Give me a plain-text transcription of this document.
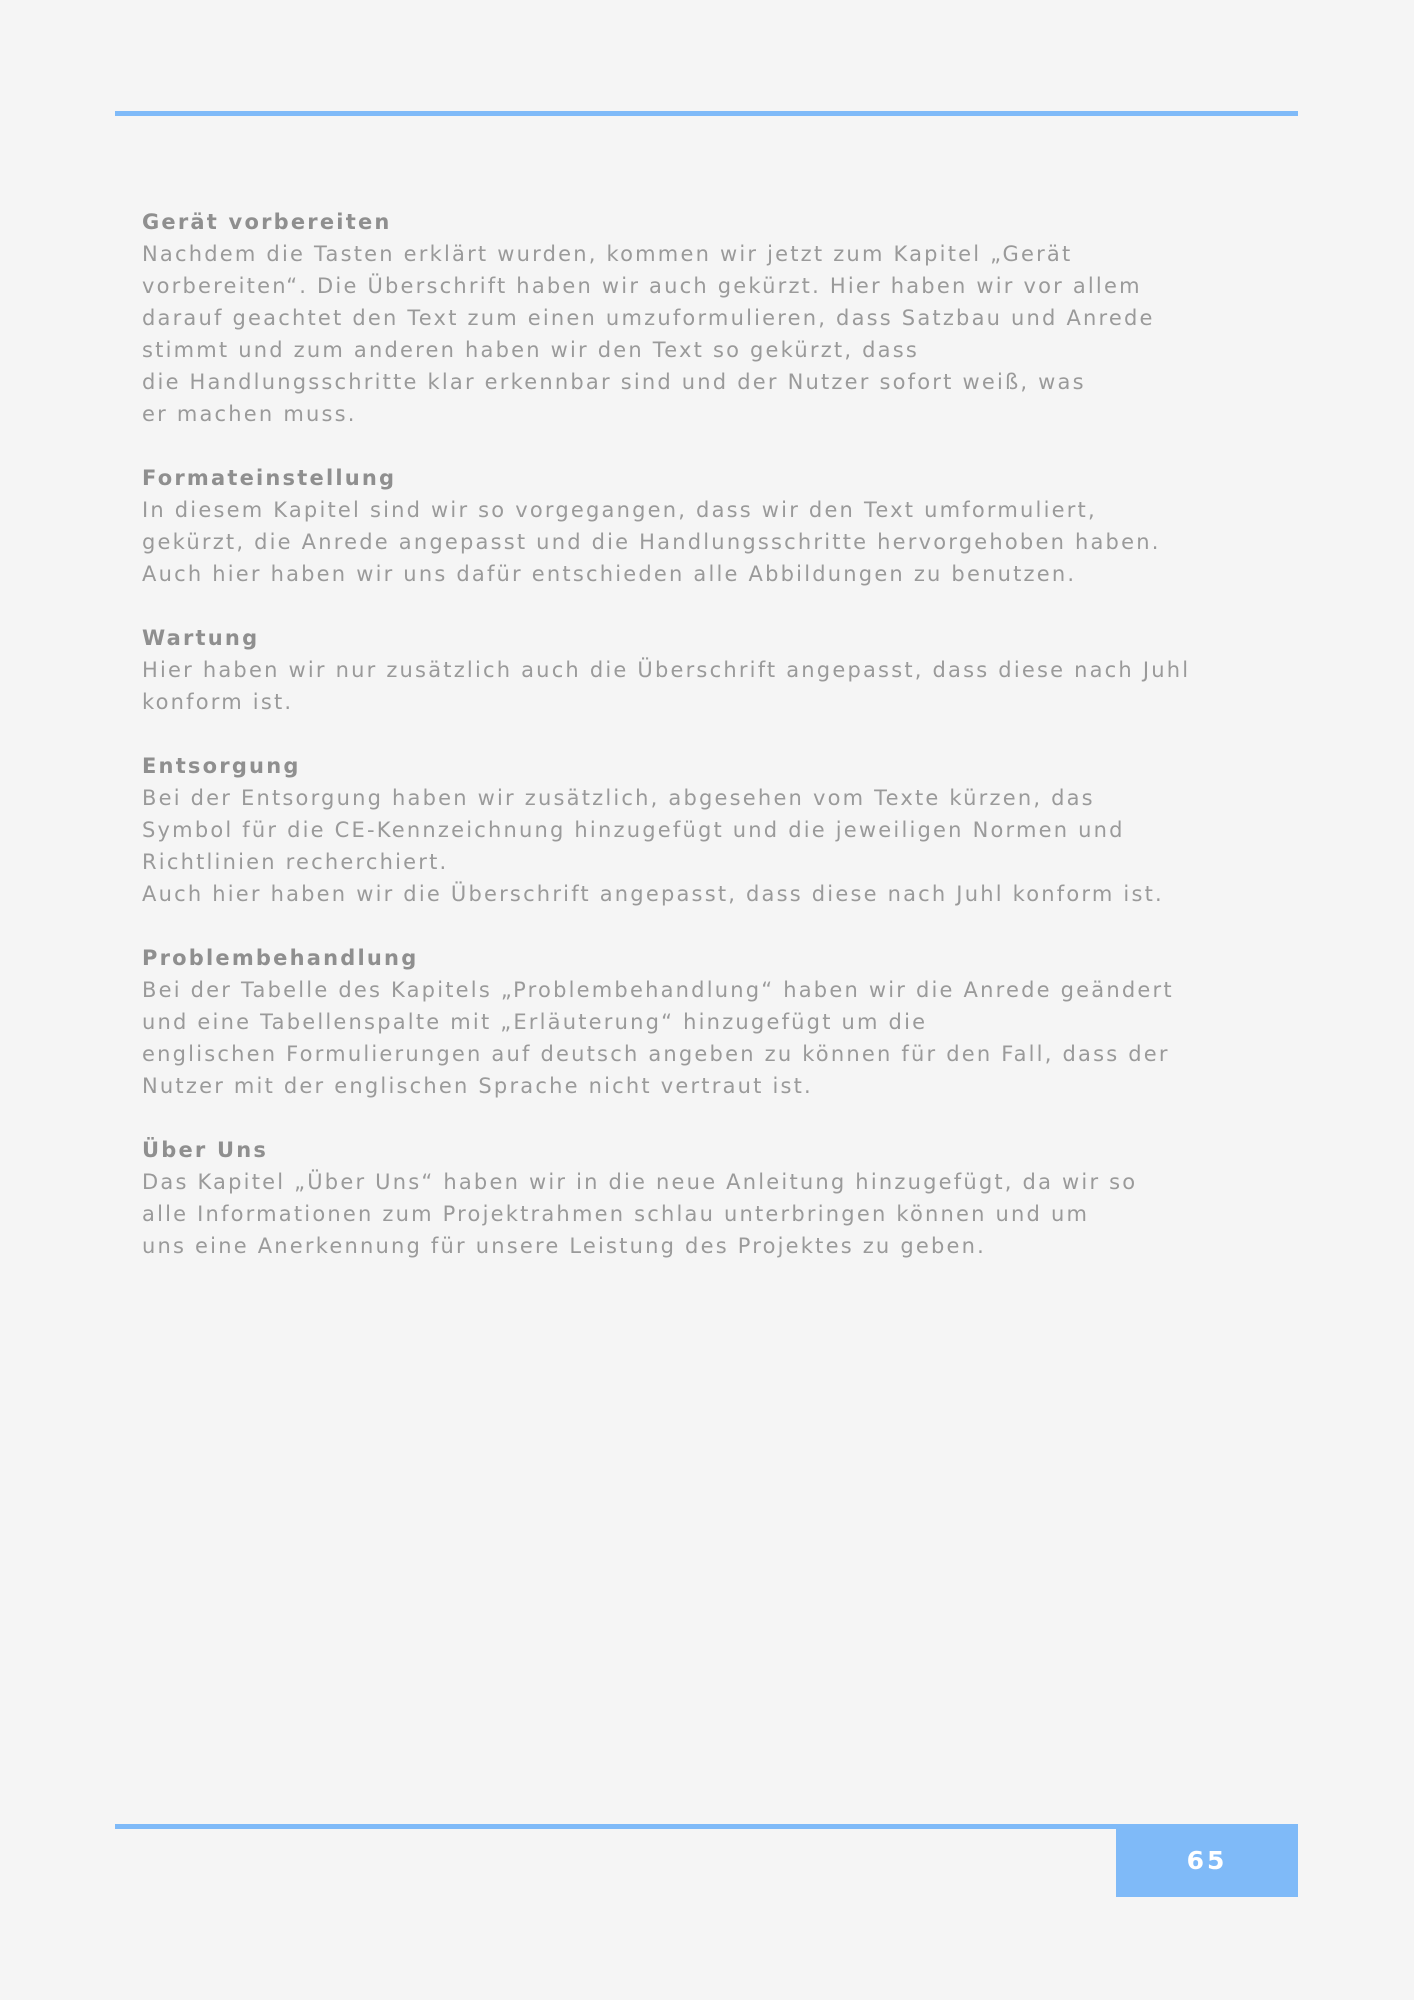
Gerät vorbereiten

Nachdem die Tasten erklärt wurden, kommen wir jetzt zum Kapitel „Gerät

vorbereiten“. Die Überschrift haben wir auch gekürzt. Hier haben wir vor allem

darauf geachtet den Text zum einen umzuformulieren, dass Satzbau und Anrede

stimmt und zum anderen haben wir den Text so gekürzt, dass

die Handlungsschritte klar erkennbar sind und der Nutzer sofort weiß, was

er machen muss.

Formateinstellung

In diesem Kapitel sind wir so vorgegangen, dass wir den Text umformuliert,

gekürzt, die Anrede angepasst und die Handlungsschritte hervorgehoben haben.

Auch hier haben wir uns dafür entschieden alle Abbildungen zu benutzen.

Wartung

Hier haben wir nur zusätzlich auch die Überschrift angepasst, dass diese nach Juhl

konform ist.

Entsorgung

Bei der Entsorgung haben wir zusätzlich, abgesehen vom Texte kürzen, das

Symbol für die CE-Kennzeichnung hinzugefügt und die jeweiligen Normen und

Richtlinien recherchiert.

Auch hier haben wir die Überschrift angepasst, dass diese nach Juhl konform ist.

Problembehandlung

Bei der Tabelle des Kapitels „Problembehandlung“ haben wir die Anrede geändert

und eine Tabellenspalte mit „Erläuterung“ hinzugefügt um die

englischen Formulierungen auf deutsch angeben zu können für den Fall, dass der

Nutzer mit der englischen Sprache nicht vertraut ist.

Über Uns

Das Kapitel „Über Uns“ haben wir in die neue Anleitung hinzugefügt, da wir so

alle Informationen zum Projektrahmen schlau unterbringen können und um

uns eine Anerkennung für unsere Leistung des Projektes zu geben.

65
